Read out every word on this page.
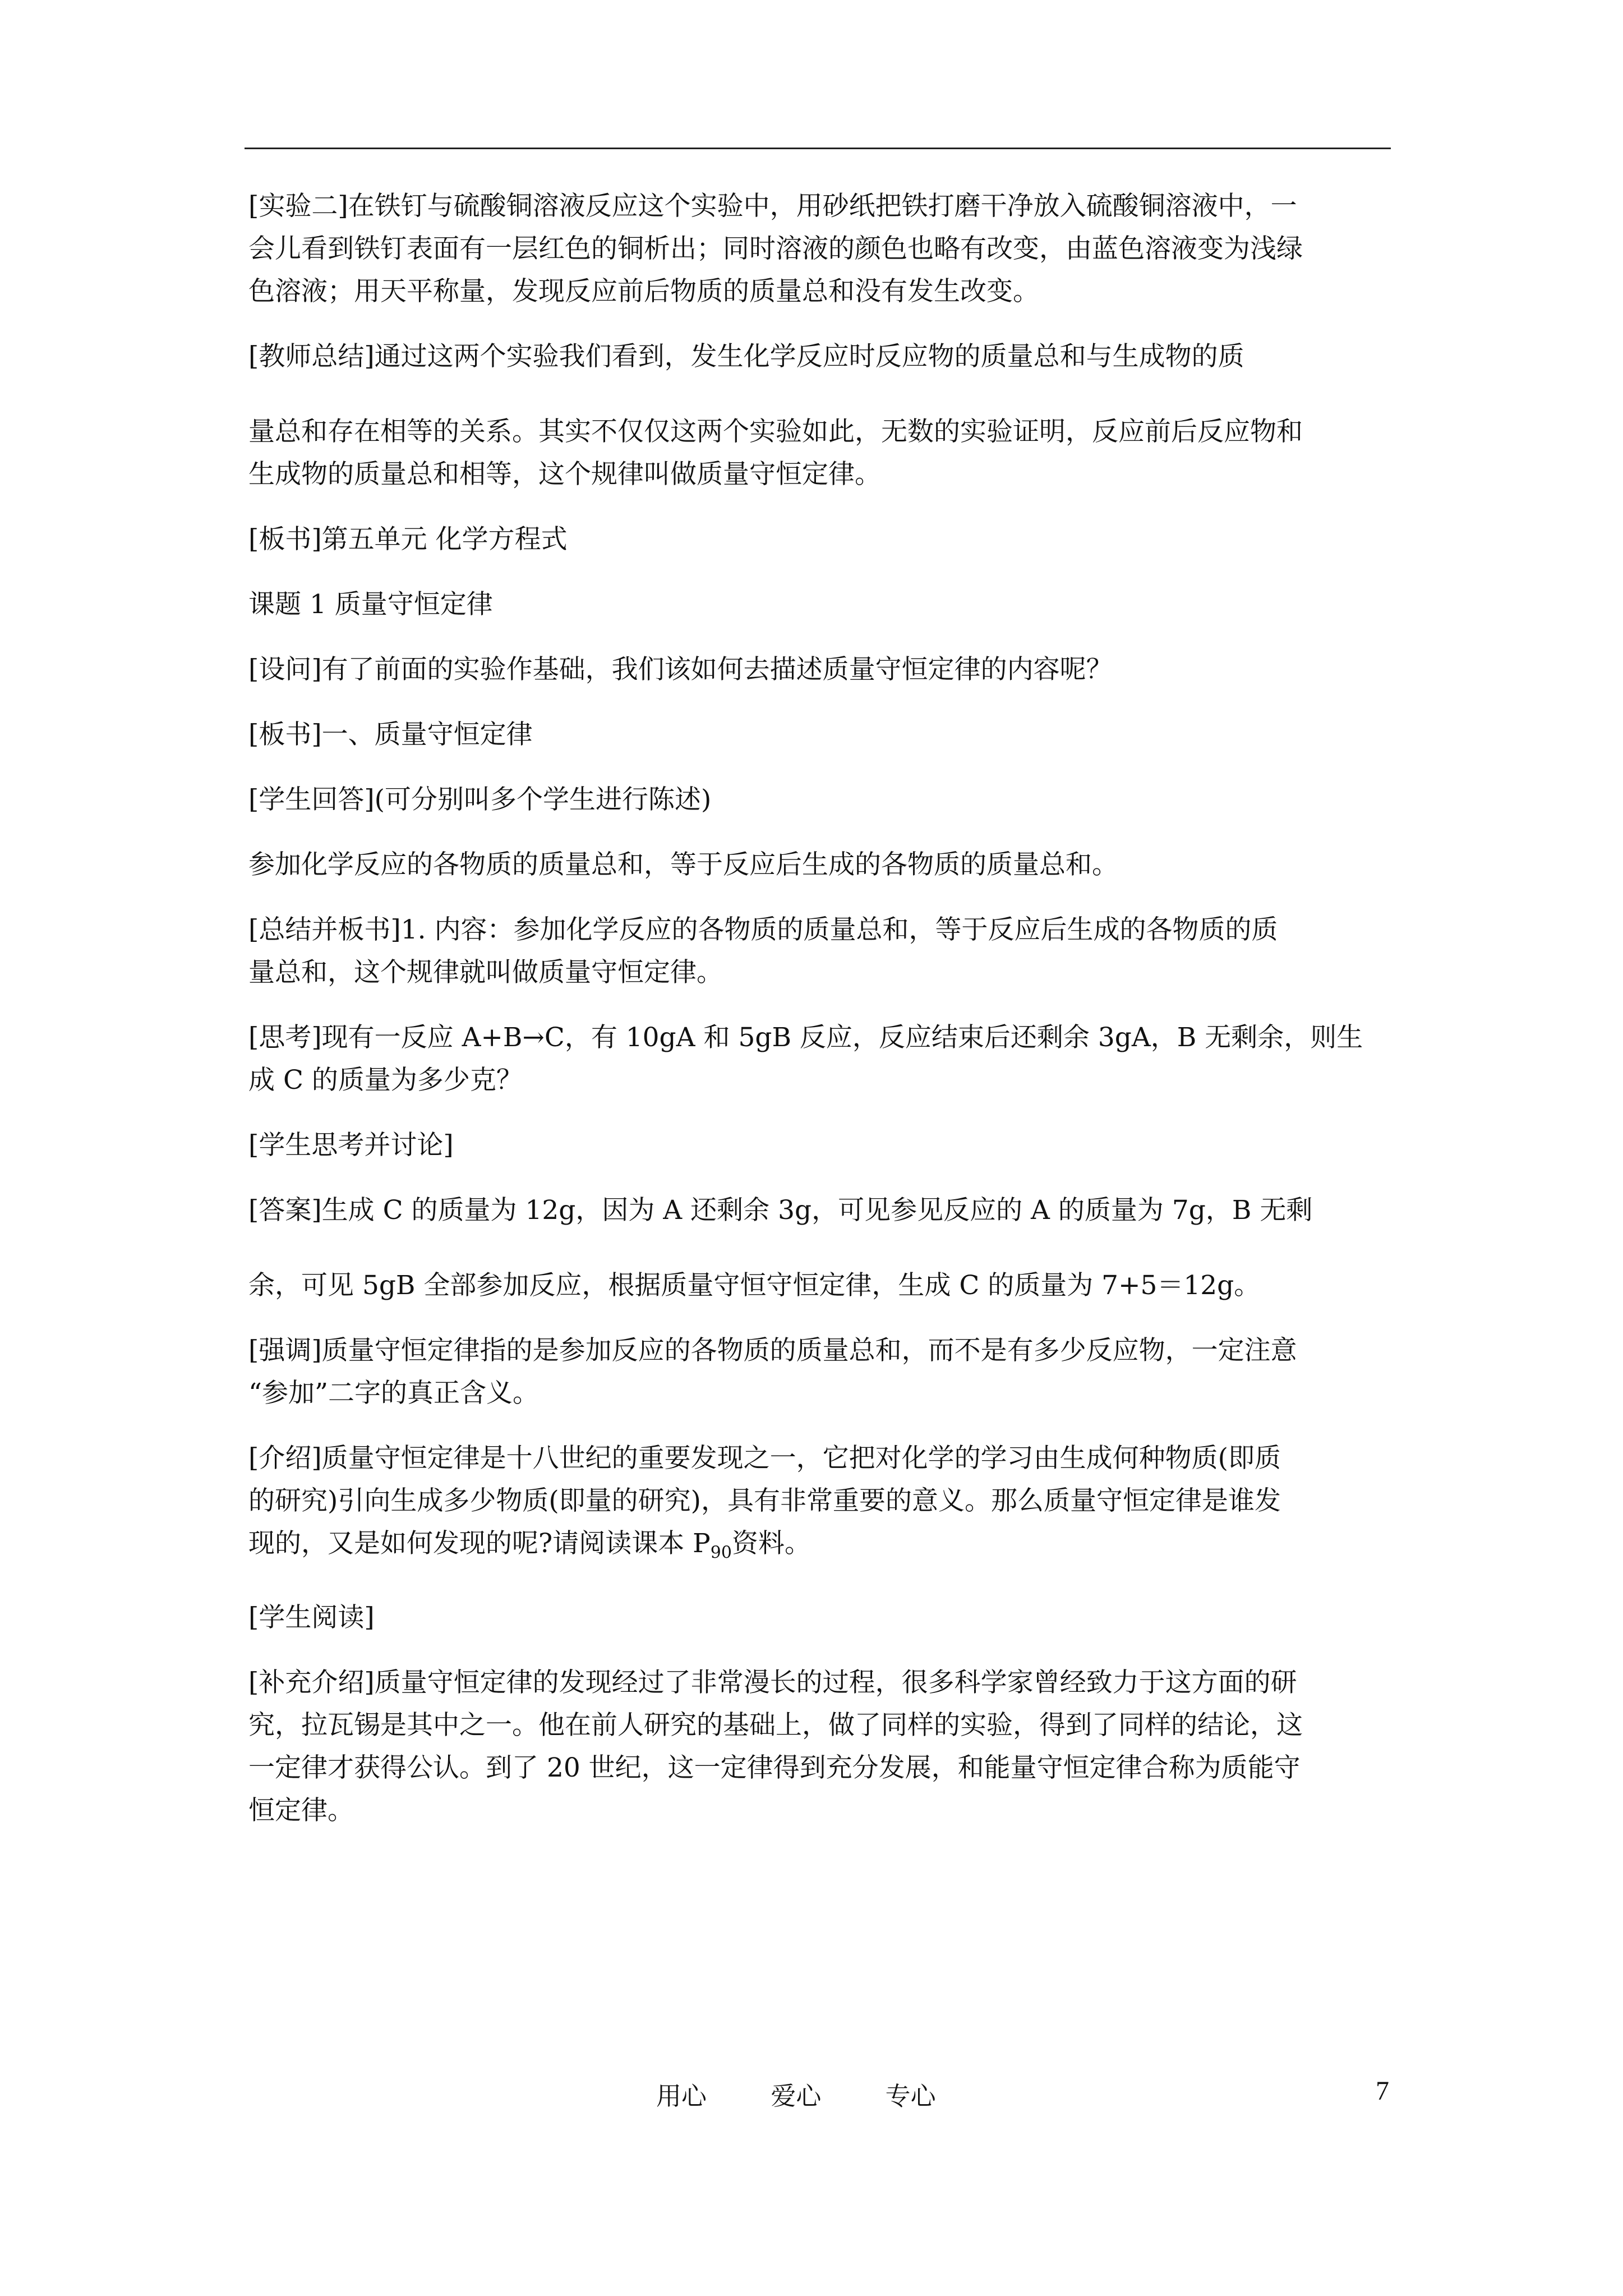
[实验二]在铁钉与硫酸铜溶液反应这个实验中，用砂纸把铁打磨干净放入硫酸铜溶液中，一
会儿看到铁钉表面有一层红色的铜析出；同时溶液的颜色也略有改变，由蓝色溶液变为浅绿
色溶液；用天平称量，发现反应前后物质的质量总和没有发生改变。
[教师总结]通过这两个实验我们看到，发生化学反应时反应物的质量总和与生成物的质
量总和存在相等的关系。其实不仅仅这两个实验如此，无数的实验证明，反应前后反应物和
生成物的质量总和相等，这个规律叫做质量守恒定律。
[板书]第五单元 化学方程式
课题 1 质量守恒定律
[设问]有了前面的实验作基础，我们该如何去描述质量守恒定律的内容呢？
[板书]一、质量守恒定律
[学生回答](可分别叫多个学生进行陈述)
参加化学反应的各物质的质量总和，等于反应后生成的各物质的质量总和。
[总结并板书]1. 内容：参加化学反应的各物质的质量总和，等于反应后生成的各物质的质
量总和，这个规律就叫做质量守恒定律。
[思考]现有一反应 A+B→C，有 10gA 和 5gB 反应，反应结束后还剩余 3gA，B 无剩余，则生
成 C 的质量为多少克？
[学生思考并讨论]
[答案]生成 C 的质量为 12g，因为 A 还剩余 3g，可见参见反应的 A 的质量为 7g，B 无剩
余，可见 5gB 全部参加反应，根据质量守恒守恒定律，生成 C 的质量为 7+5＝12g。
[强调]质量守恒定律指的是参加反应的各物质的质量总和，而不是有多少反应物，一定注意
“参加”二字的真正含义。
[介绍]质量守恒定律是十八世纪的重要发现之一，它把对化学的学习由生成何种物质(即质
的研究)引向生成多少物质(即量的研究)，具有非常重要的意义。那么质量守恒定律是谁发
现的，又是如何发现的呢?请阅读课本 $P_{90}$资料。
[学生阅读]
[补充介绍]质量守恒定律的发现经过了非常漫长的过程，很多科学家曾经致力于这方面的研
究，拉瓦锡是其中之一。他在前人研究的基础上，做了同样的实验，得到了同样的结论，这
一定律才获得公认。到了 20 世纪，这一定律得到充分发展，和能量守恒定律合称为质能守
恒定律。
用心	爱心	专心	7
